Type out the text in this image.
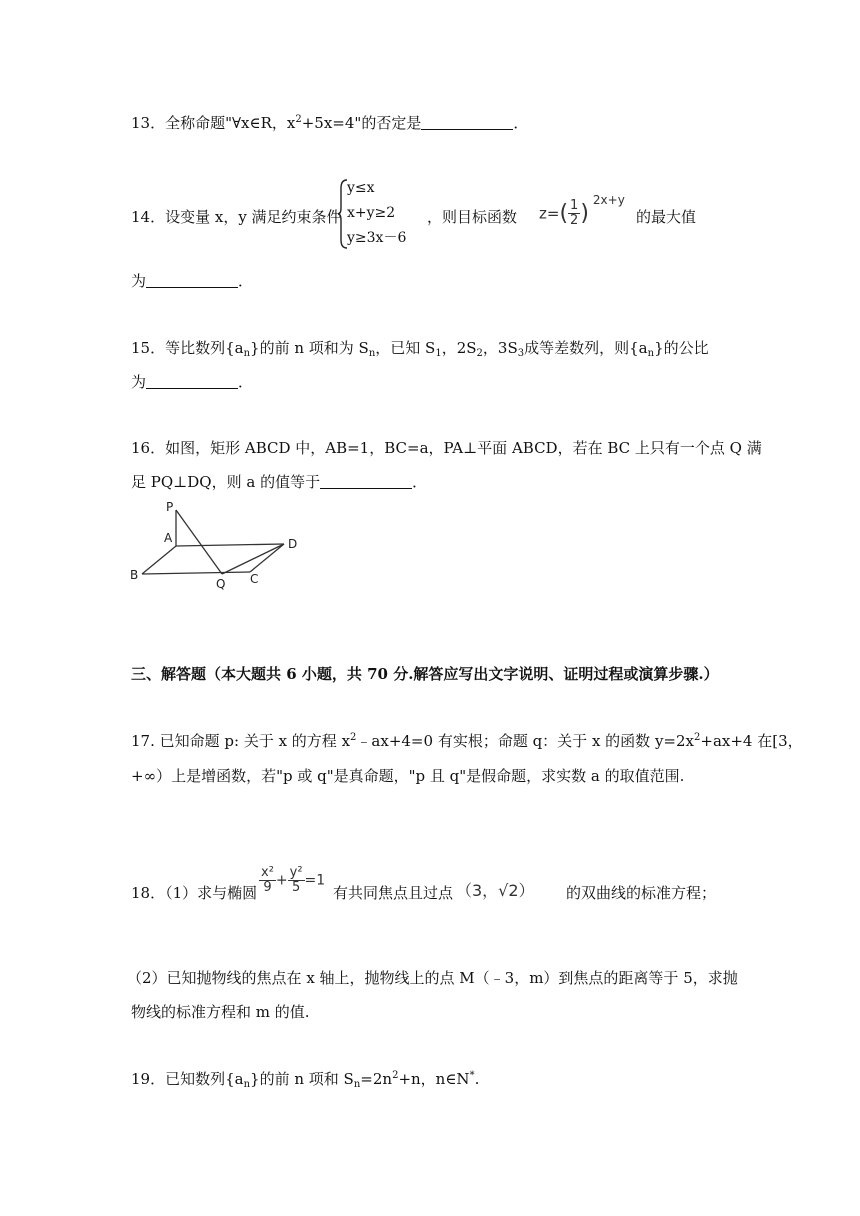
13．全称命题"∀x∈R，$x^2+5x=4$"的否定是	．
14．设变量 x，y 满足约束条件
y≤x
x+y≥2
y≥3x－6
，则目标函数 $z=( \frac{1}{2} )^{2x+y}$
的最大值
为	．
15．等比数列$\{a_n\}$的前 n 项和为 $S_n$，已知 $S_1$，$2S_2$，$3S_3$成等差数列，则$\{a_n\}$的公比
为	．
16．如图，矩形 ABCD 中，AB=1，BC=a，PA⊥平面 ABCD，若在 BC 上只有一个点 Q 满
足 PQ⊥DQ，则 a 的值等于	．
P
A	D
B
Q C
三、解答题（本大题共 6 小题，共 70 分.解答应写出文字说明、证明过程或演算步骤.）
17. 已知命题 p: 关于 x 的方程 $x^2﹣ax+4=0$ 有实根；命题 q：关于 x 的函数 $y=2x^2+ax+4$ 在[3，
+∞）上是增函数，若"p 或 q"是真命题，"p 且 q"是假命题，求实数 a 的取值范围.
18．（1）求与椭圆 $\frac{\text{x²}}{9} + \frac{\text{y²}}{5} =1$
有共同焦点且过点 （3，√2） 的双曲线的标准方程；
（2）已知抛物线的焦点在 x 轴上，抛物线上的点 M（﹣3，m）到焦点的距离等于 5，求抛
物线的标准方程和 m 的值.
19．已知数列$\{a_n\}$的前 n 项和 $S_n=2n^2+n$，n∈N*.
